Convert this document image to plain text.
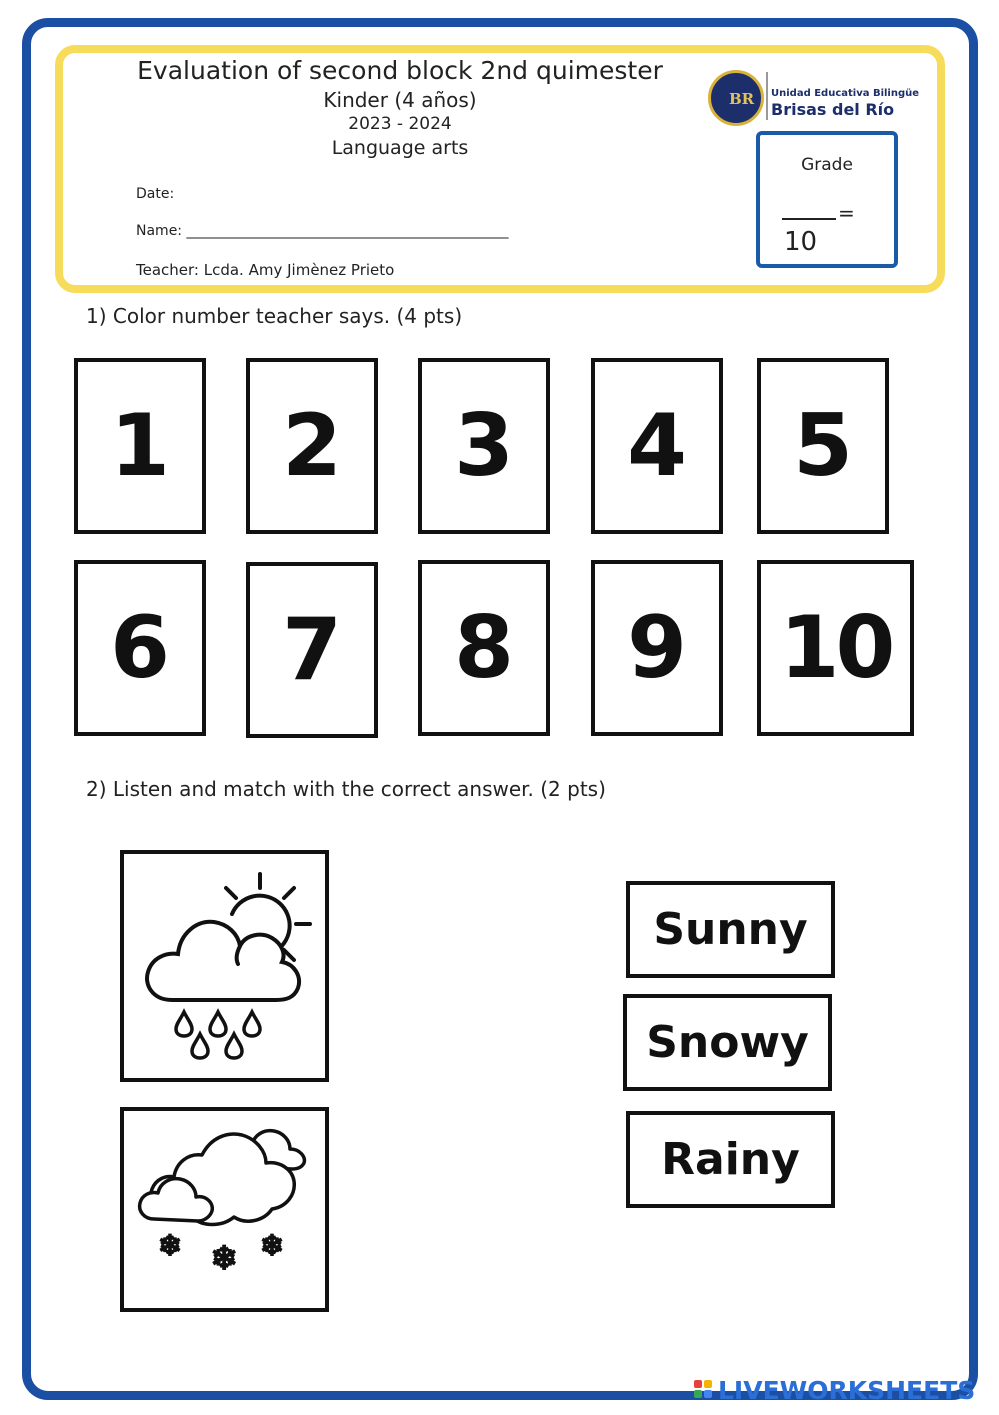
Evaluation of second block 2nd quimester
Kinder (4 años)
2023 - 2024
Language arts
Date:
Name: ______________________________________________
Teacher: Lcda. Amy Jimènez Prieto
BR Unidad Educativa Bilingüe
Brisas del Río
Grade
=
10
1) Color number teacher says. (4 pts)
1	2	3	4	5
6	7	8	9	10
2) Listen and match with the correct answer. (2 pts)
❄ ❄ ❄
Sunny
Snowy
Rainy
LIVEWORKSHEETS
